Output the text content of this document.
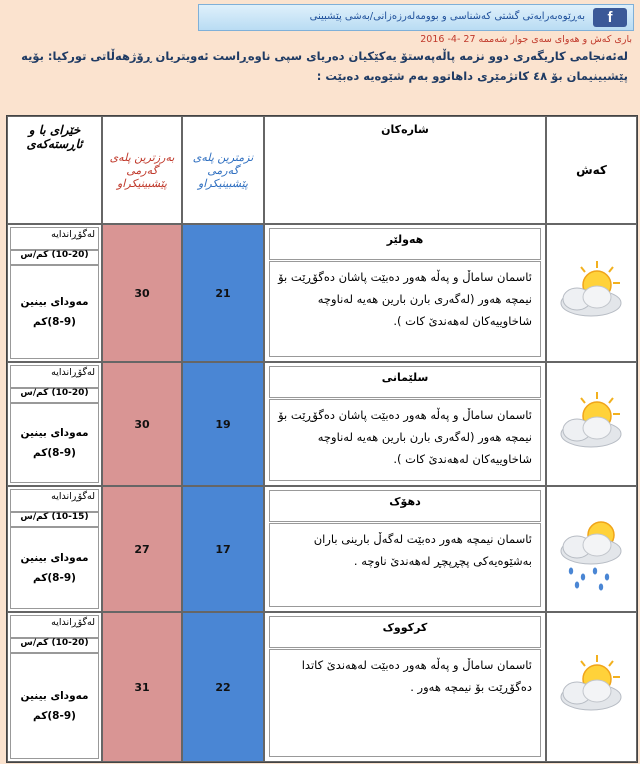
بەڕێوەبەرایەتی گشتی کەشناسی و بوومەلەرزەزانی/بەشی پێشبینی	f
باری کەش و هەوای سەی جوار شەممە 27 -4- 2016
لەئەنجامی کاریگەری دوو نزمە پاڵەپەستۆ یەکێکیان دەریای سپی ناوەڕاست ئەویتریان ڕۆژهەڵاتی تورکیا: بۆیە پێشبینیمان بۆ ٤٨ کاتژمێری داهاتوو بەم شێوەیە دەبێت :
کەش
شارەکان
نزمترین پلەی گەرمی پێشبینیکراو
بەرزترین پلەی گەرمی پێشبینیکراو
خێرای با و ئاڕستەکەی
هەولێر
ئاسمان ساماڵ و پەڵە هەور دەبێت پاشان دەگۆڕێت بۆ نیمچە هەور (لەگەری بارن بارین هەیە لەناوچە شاخاوییەکان لەهەندێ کات ).
21
30
لەگۆڕاندایە
(10-20) کم/س
مەودای بینین
(8-9)کم
سلێمانی
ئاسمان ساماڵ و پەڵە هەور دەبێت پاشان دەگۆڕێت بۆ نیمچە هەور (لەگەری بارن بارین هەیە لەناوچە شاخاوییەکان لەهەندێ کات ).
19
30
لەگۆڕاندایە
(10-20) کم/س
مەودای بینین
(8-9)کم
دهۆک
ئاسمان نیمچە هەور دەبێت لەگەڵ بارینی باران بەشێوەیەکی پچڕپچڕ لەهەندێ ناوچە .
17
27
لەگۆڕاندایە
(10-15) کم/س
مەودای بینین
(8-9)کم
کرکووک
ئاسمان ساماڵ و پەڵە هەور دەبێت لەهەندێ کاتدا دەگۆڕێت بۆ نیمچە هەور .
22
31
لەگۆڕاندایە
(10-20) کم/س
مەودای بینین
(8-9)کم
